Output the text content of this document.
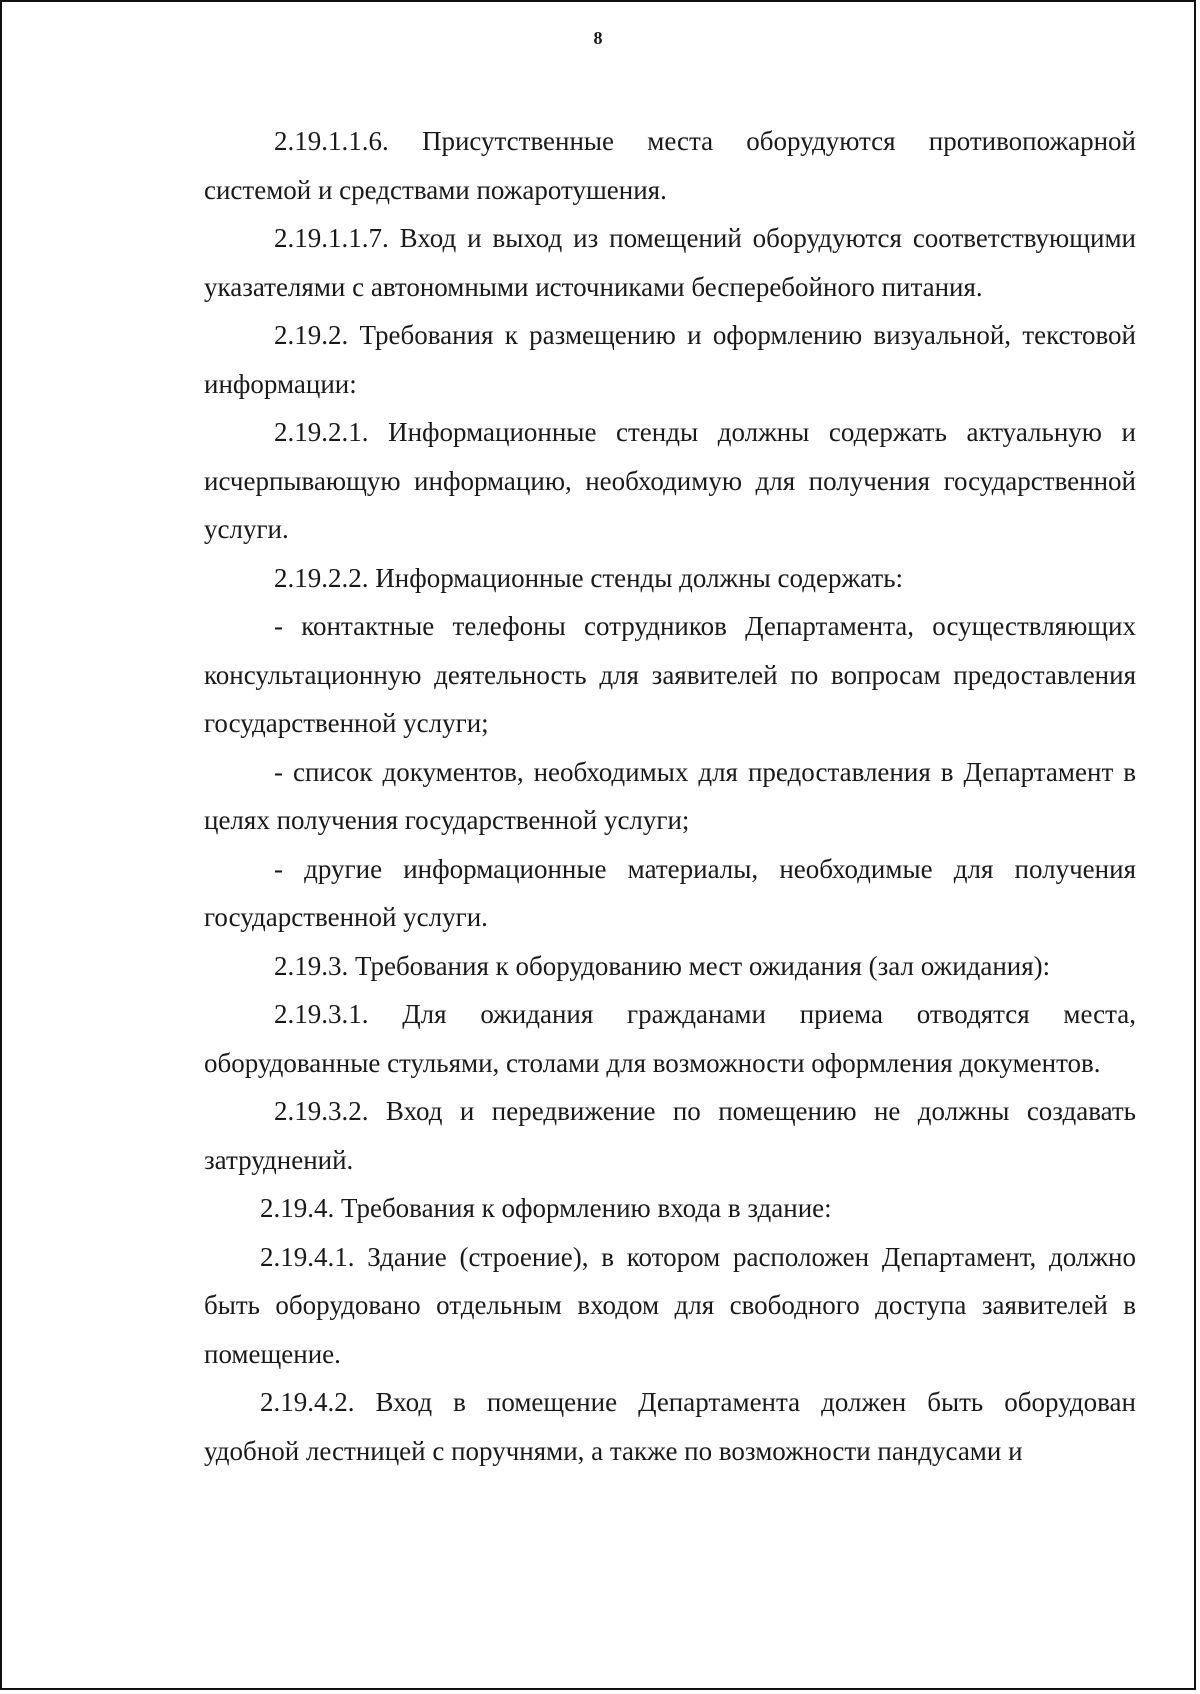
8

2.19.1.1.6. Присутственные места оборудуются противопожарной системой и средствами пожаротушения.

2.19.1.1.7. Вход и выход из помещений оборудуются соответствующими указателями с автономными источниками бесперебойного питания.

2.19.2. Требования к размещению и оформлению визуальной, текстовой информации:

2.19.2.1. Информационные стенды должны содержать актуальную и исчерпывающую информацию, необходимую для получения государственной услуги.

2.19.2.2. Информационные стенды должны содержать:

- контактные телефоны сотрудников Департамента, осуществляющих консультационную деятельность для заявителей по вопросам предоставления государственной услуги;

- список документов, необходимых для предоставления в Департамент в целях получения государственной услуги;

- другие информационные материалы, необходимые для получения государственной услуги.

2.19.3. Требования к оборудованию мест ожидания (зал ожидания):

2.19.3.1. Для ожидания гражданами приема отводятся места, оборудованные стульями, столами для возможности оформления документов.

2.19.3.2. Вход и передвижение по помещению не должны создавать затруднений.

2.19.4. Требования к оформлению входа в здание:

2.19.4.1. Здание (строение), в котором расположен Департамент, должно быть оборудовано отдельным входом для свободного доступа заявителей в помещение.

2.19.4.2. Вход в помещение Департамента должен быть оборудован удобной лестницей с поручнями, а также по возможности пандусами и
